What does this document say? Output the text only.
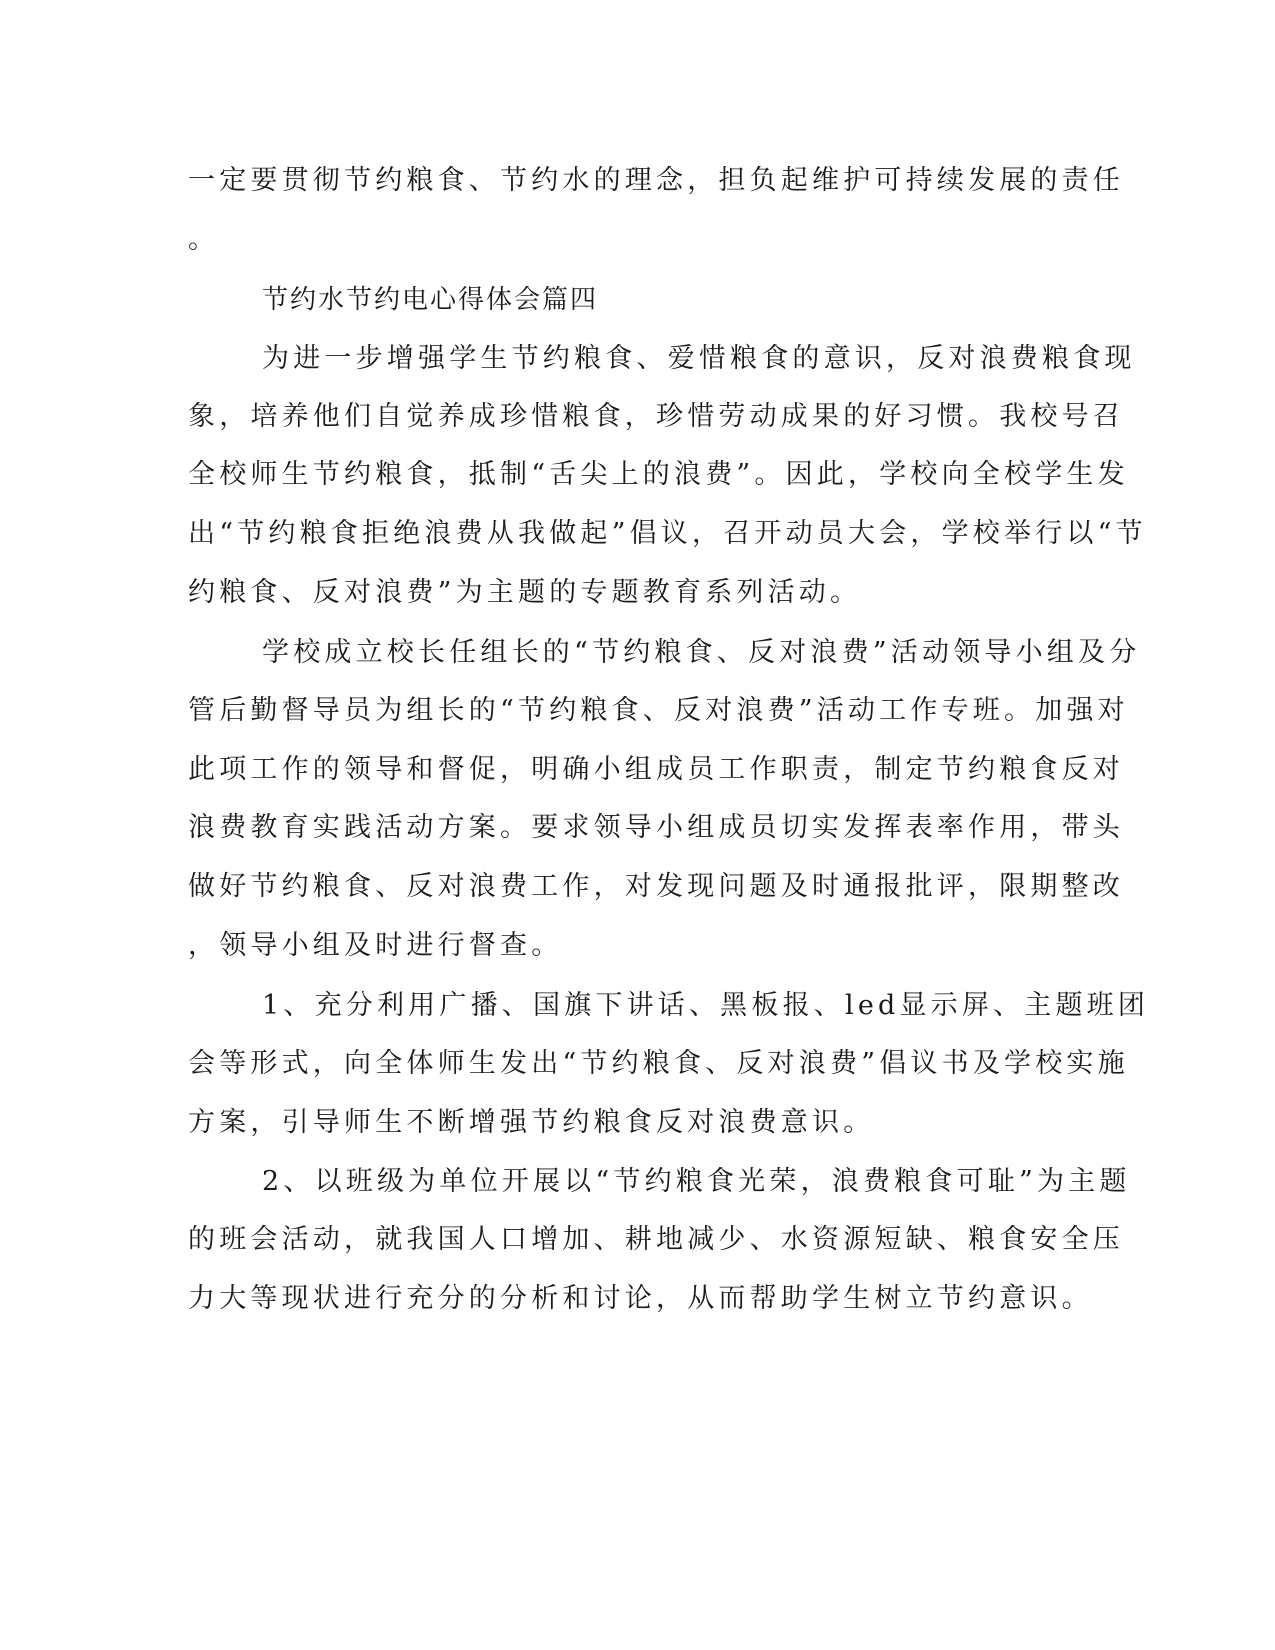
一定要贯彻节约粮食、节约水的理念，担负起维护可持续发展的责任
。
节约水节约电心得体会篇四
为进一步增强学生节约粮食、爱惜粮食的意识，反对浪费粮食现
象，培养他们自觉养成珍惜粮食，珍惜劳动成果的好习惯。我校号召
全校师生节约粮食，抵制“舌尖上的浪费”。因此，学校向全校学生发
出“节约粮食拒绝浪费从我做起”倡议，召开动员大会，学校举行以“节
约粮食、反对浪费”为主题的专题教育系列活动。
学校成立校长任组长的“节约粮食、反对浪费”活动领导小组及分
管后勤督导员为组长的“节约粮食、反对浪费”活动工作专班。加强对
此项工作的领导和督促，明确小组成员工作职责，制定节约粮食反对
浪费教育实践活动方案。要求领导小组成员切实发挥表率作用，带头
做好节约粮食、反对浪费工作，对发现问题及时通报批评，限期整改
，领导小组及时进行督查。
1、充分利用广播、国旗下讲话、黑板报、led显示屏、主题班团
会等形式，向全体师生发出“节约粮食、反对浪费”倡议书及学校实施
方案，引导师生不断增强节约粮食反对浪费意识。
2、以班级为单位开展以“节约粮食光荣，浪费粮食可耻”为主题
的班会活动，就我国人口增加、耕地减少、水资源短缺、粮食安全压
力大等现状进行充分的分析和讨论，从而帮助学生树立节约意识。
